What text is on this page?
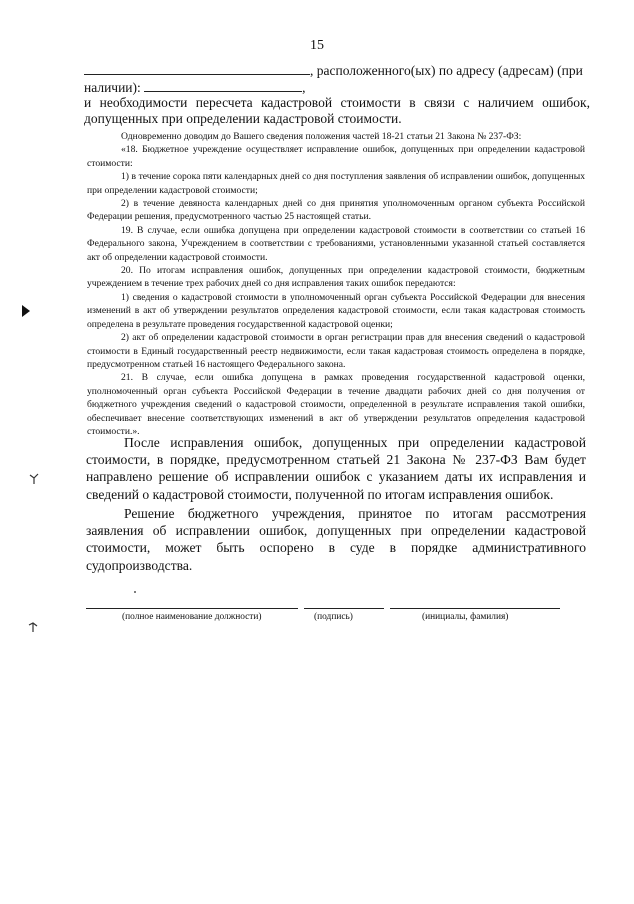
15
, расположенного(ых) по адресу (адресам) (при
наличии):	,
и необходимости пересчета кадастровой стоимости в связи с наличием ошибок,
допущенных при определении кадастровой стоимости.

Одновременно доводим до Вашего сведения положения частей 18-21 статьи 21 Закона № 237-ФЗ:

«18. Бюджетное учреждение осуществляет исправление ошибок, допущенных при определении кадастровой стоимости:

1) в течение сорока пяти календарных дней со дня поступления заявления об исправлении ошибок, допущенных при определении кадастровой стоимости;

2) в течение девяноста календарных дней со дня принятия уполномоченным органом субъекта Российской Федерации решения, предусмотренного частью 25 настоящей статьи.

19. В случае, если ошибка допущена при определении кадастровой стоимости в соответствии со статьей 16 Федерального закона, Учреждением в соответствии с требованиями, установленными указанной статьей составляется акт об определении кадастровой стоимости.

20. По итогам исправления ошибок, допущенных при определении кадастровой стоимости, бюджетным учреждением в течение трех рабочих дней со дня исправления таких ошибок передаются:

1) сведения о кадастровой стоимости в уполномоченный орган субъекта Российской Федерации для внесения изменений в акт об утверждении результатов определения кадастровой стоимости, если такая кадастровая стоимость определена в результате проведения государственной кадастровой оценки;

2) акт об определении кадастровой стоимости в орган регистрации прав для внесения сведений о кадастровой стоимости в Единый государственный реестр недвижимости, если такая кадастровая стоимость определена в порядке, предусмотренном статьей 16 настоящего Федерального закона.

21. В случае, если ошибка допущена в рамках проведения государственной кадастровой оценки, уполномоченный орган субъекта Российской Федерации в течение двадцати рабочих дней со дня получения от бюджетного учреждения сведений о кадастровой стоимости, определенной в результате исправления такой ошибки, обеспечивает внесение соответствующих изменений в акт об утверждении результатов определения кадастровой стоимости.».

После исправления ошибок, допущенных при определении кадастровой стоимости, в порядке, предусмотренном статьей 21 Закона № 237-ФЗ Вам будет направлено решение об исправлении ошибок с указанием даты их исправления и сведений о кадастровой стоимости, полученной по итогам исправления ошибок.

Решение бюджетного учреждения, принятое по итогам рассмотрения заявления об исправлении ошибок, допущенных при определении кадастровой стоимости, может быть оспорено в суде в порядке административного судопроизводства.

(полное наименование должности)	(подпись)	(инициалы, фамилия)
